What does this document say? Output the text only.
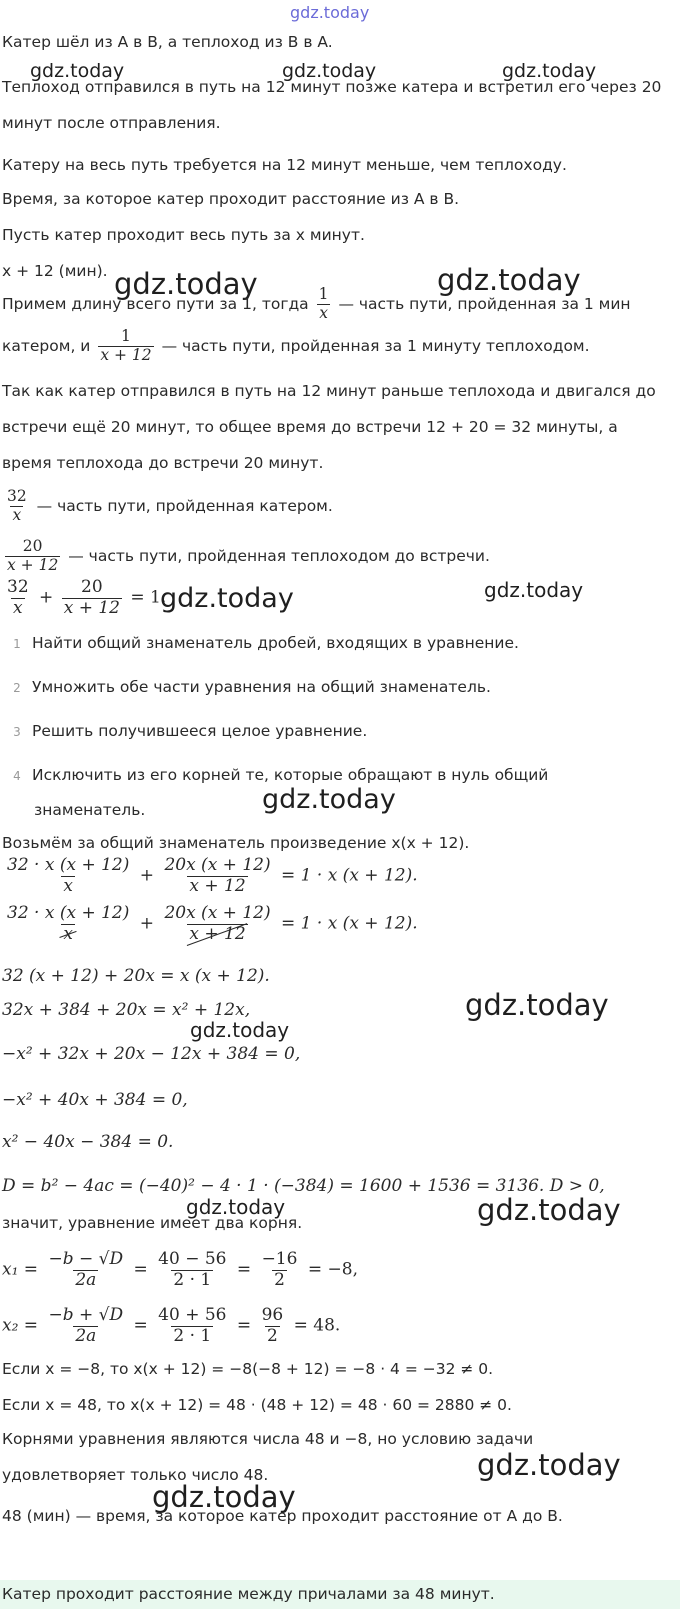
gdz.today
Катер шёл из A в B, а теплоход из B в A.
gdz.today	gdz.today	gdz.today
Теплоход отправился в путь на 12 минут позже катера и встретил его через 20
минут после отправления.
Катеру на весь путь требуется на 12 минут меньше, чем теплоходу.
Время, за которое катер проходит расстояние из A в B.
Пусть катер проходит весь путь за x минут.
x + 12 (мин). gdz.today	gdz.today
Примем длину всего пути за 1, тогда $\frac{1}{x}$ — часть пути, пройденная за 1 мин
катером, и $\frac{1}{x + 12}$ — часть пути, пройденная за 1 минуту теплоходом.
Так как катер отправился в путь на 12 минут раньше теплохода и двигался до
встречи ещё 20 минут, то общее время до встречи 12 + 20 = 32 минуты, а
время теплохода до встречи 20 минут.
$\frac{32}{x}$ — часть пути, пройденная катером.
$\frac{20}{x + 12}$ — часть пути, пройденная теплоходом до встречи.
$\frac{32}{x} + \frac{20}{x + 12} = 1$.
gdz.today	gdz.today
1 Найти общий знаменатель дробей, входящих в уравнение.
2 Умножить обе части уравнения на общий знаменатель.
3 Решить получившееся целое уравнение.
4 Исключить из его корней те, которые обращают в нуль общий
знаменатель.	gdz.today
Возьмём за общий знаменатель произведение x(x + 12).
$\frac{32 \cdot x (x + 12)}{x} + \frac{20x (x + 12)}{x + 12} = 1 \cdot x$ (x + 12).
$\frac{32 \cdot x (x + 12)}{x} + \frac{20x (x + 12)}{x + 12} = 1 \cdot x$ (x + 12).
32 (x + 12) + 20x = x (x + 12).
32x + 384 + 20x = x² + 12x,	gdz.today
gdz.today
−x² + 32x + 20x − 12x + 384 = 0,
−x² + 40x + 384 = 0,
x² − 40x − 384 = 0.
D = b² − 4ac = (−40)² − 4 · 1 · (−384) = 1600 + 1536 = 3136. D > 0,
gdz.today
значит, уравнение имеет два корня.	gdz.today
$x_1 = \frac{-b - √D}{2a} = \frac{40 - 56}{2 \cdot 1} = \frac{-16}{2} = -8$,
$x_2 = \frac{-b + √D}{2a} = \frac{40 + 56}{2 \cdot 1} = \frac{96}{2} = 48$.
Если x = −8, то x(x + 12) = −8(−8 + 12) = −8 · 4 = −32 ≠ 0.
Если x = 48, то x(x + 12) = 48 · (48 + 12) = 48 · 60 = 2880 ≠ 0.
Корнями уравнения являются числа 48 и −8, но условию задачи
удовлетворяет только число 48.	gdz.today
gdz.today
48 (мин) — время, за которое катер проходит расстояние от A до B.
Катер проходит расстояние между причалами за 48 минут.
